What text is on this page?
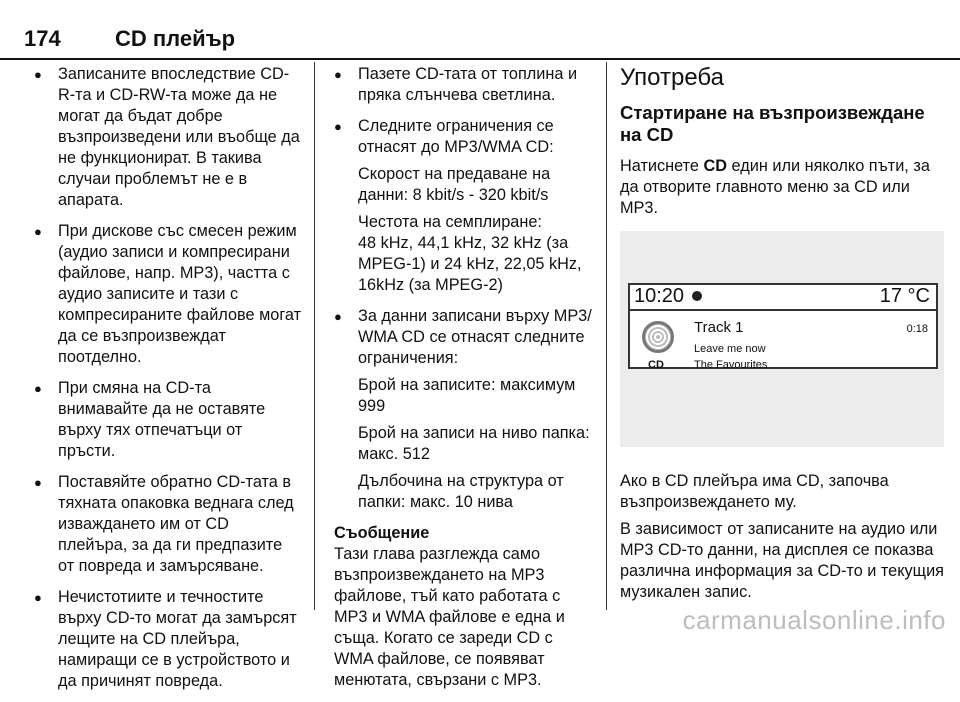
174 CD плейър

● Записаните впоследствие CD-R-та и CD-RW-та може да не могат да бъдат добре възпроизведени или въобще да не функционират. В такива случаи проблемът не е в апарата.

● При дискове със смесен режим (аудио записи и компресирани файлове, напр. MP3), частта с аудио записите и тази с компресираните файлове могат да се възпроизвеждат поотделно.

● При смяна на CD-та внимавайте да не оставяте върху тях отпечатъци от пръсти.

● Поставяйте обратно CD-тата в тяхната опаковка веднага след изваждането им от CD плейъра, за да ги предпазите от повреда и замърсяване.

● Нечистотиите и течностите върху CD-то могат да замърсят лещите на CD плейъра, намиращи се в устройството и да причинят повреда.

● Пазете CD-тата от топлина и пряка слънчева светлина.

● Следните ограничения се отнасят до MP3/WMA CD:

Скорост на предаване на данни: 8 kbit/s - 320 kbit/s

Честота на семплиране:

48 kHz, 44,1 kHz, 32 kHz (за MPEG-1) и 24 kHz, 22,05 kHz, 16kHz (за MPEG-2)

● За данни записани върху MP3/ WMA CD се отнасят следните ограничения:

Брой на записите: максимум 999

Брой на записи на ниво папка: макс. 512

Дълбочина на структура от папки: макс. 10 нива

Съобщение

Тази глава разглежда само възпроизвеждането на MP3 файлове, тъй като работата с MP3 и WMA файлове е една и съща. Когато се зареди CD с WMA файлове, се появяват менютата, свързани с MP3.

Употреба
Стартиране на възпроизвеждане на CD

Натиснете CD един или няколко пъти, за да отворите главното меню за CD или MP3.

10:20	17 °C
CD
Track 1
Leave me now
The Favourites
0:18

Ако в CD плейъра има CD, започва възпроизвеждането му.

В зависимост от записаните на аудио или MP3 CD-то данни, на дисплея се показва различна информация за CD-то и текущия музикален запис.

carmanualsonline.info
